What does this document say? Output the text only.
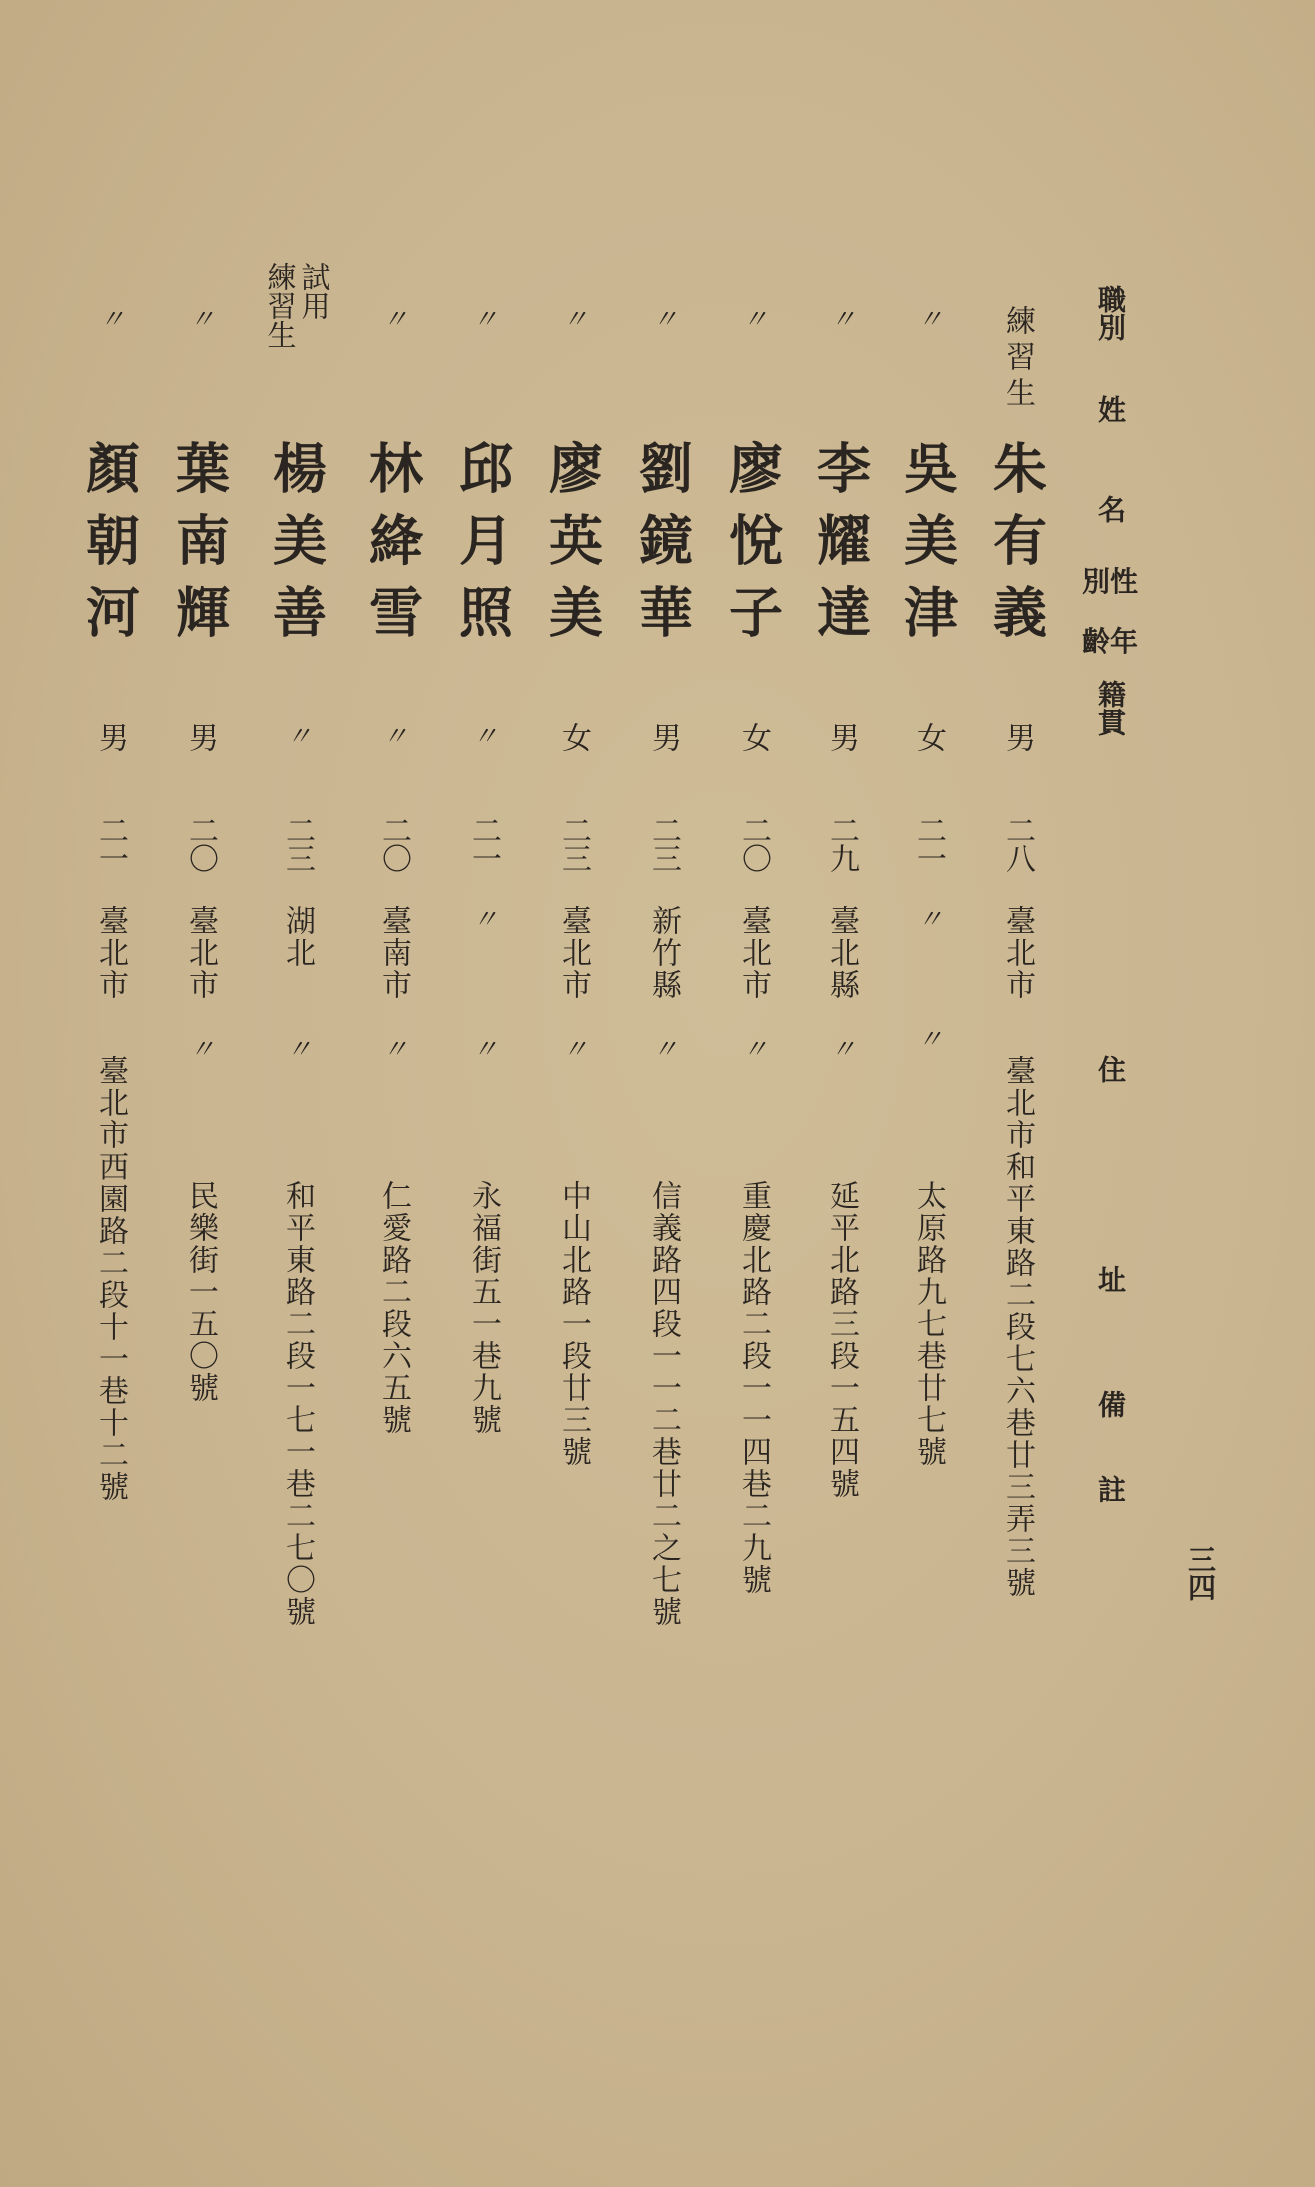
職別
姓
名
性別
年齡
籍貫
住
址
備
註
練習生
朱有義
男
二八
臺北市
臺北市和平東路二段七六巷廿三弄三號
〃
吳美津
女
二一
〃
〃
太原路九七巷廿七號
〃
李耀達
男
二九
臺北縣
〃
延平北路三段一五四號
〃
廖悅子
女
二〇
臺北市
〃
重慶北路二段一一四巷二九號
〃
劉鏡華
男
二三
新竹縣
〃
信義路四段一一二巷廿二之七號
〃
廖英美
女
二三
臺北市
〃
中山北路一段廿三號
〃
邱月照
〃
二一
〃
〃
永福街五一巷九號
〃
林絳雪
〃
二〇
臺南市
〃
仁愛路二段六五號
試用
練習生
楊美善
〃
二三
湖北
〃
和平東路二段一七一巷二七〇號
〃
葉南輝
男
二〇
臺北市
〃
民樂街一五〇號
〃
顏朝河
男
二一
臺北市
臺北市西園路二段十一巷十二號
三四
